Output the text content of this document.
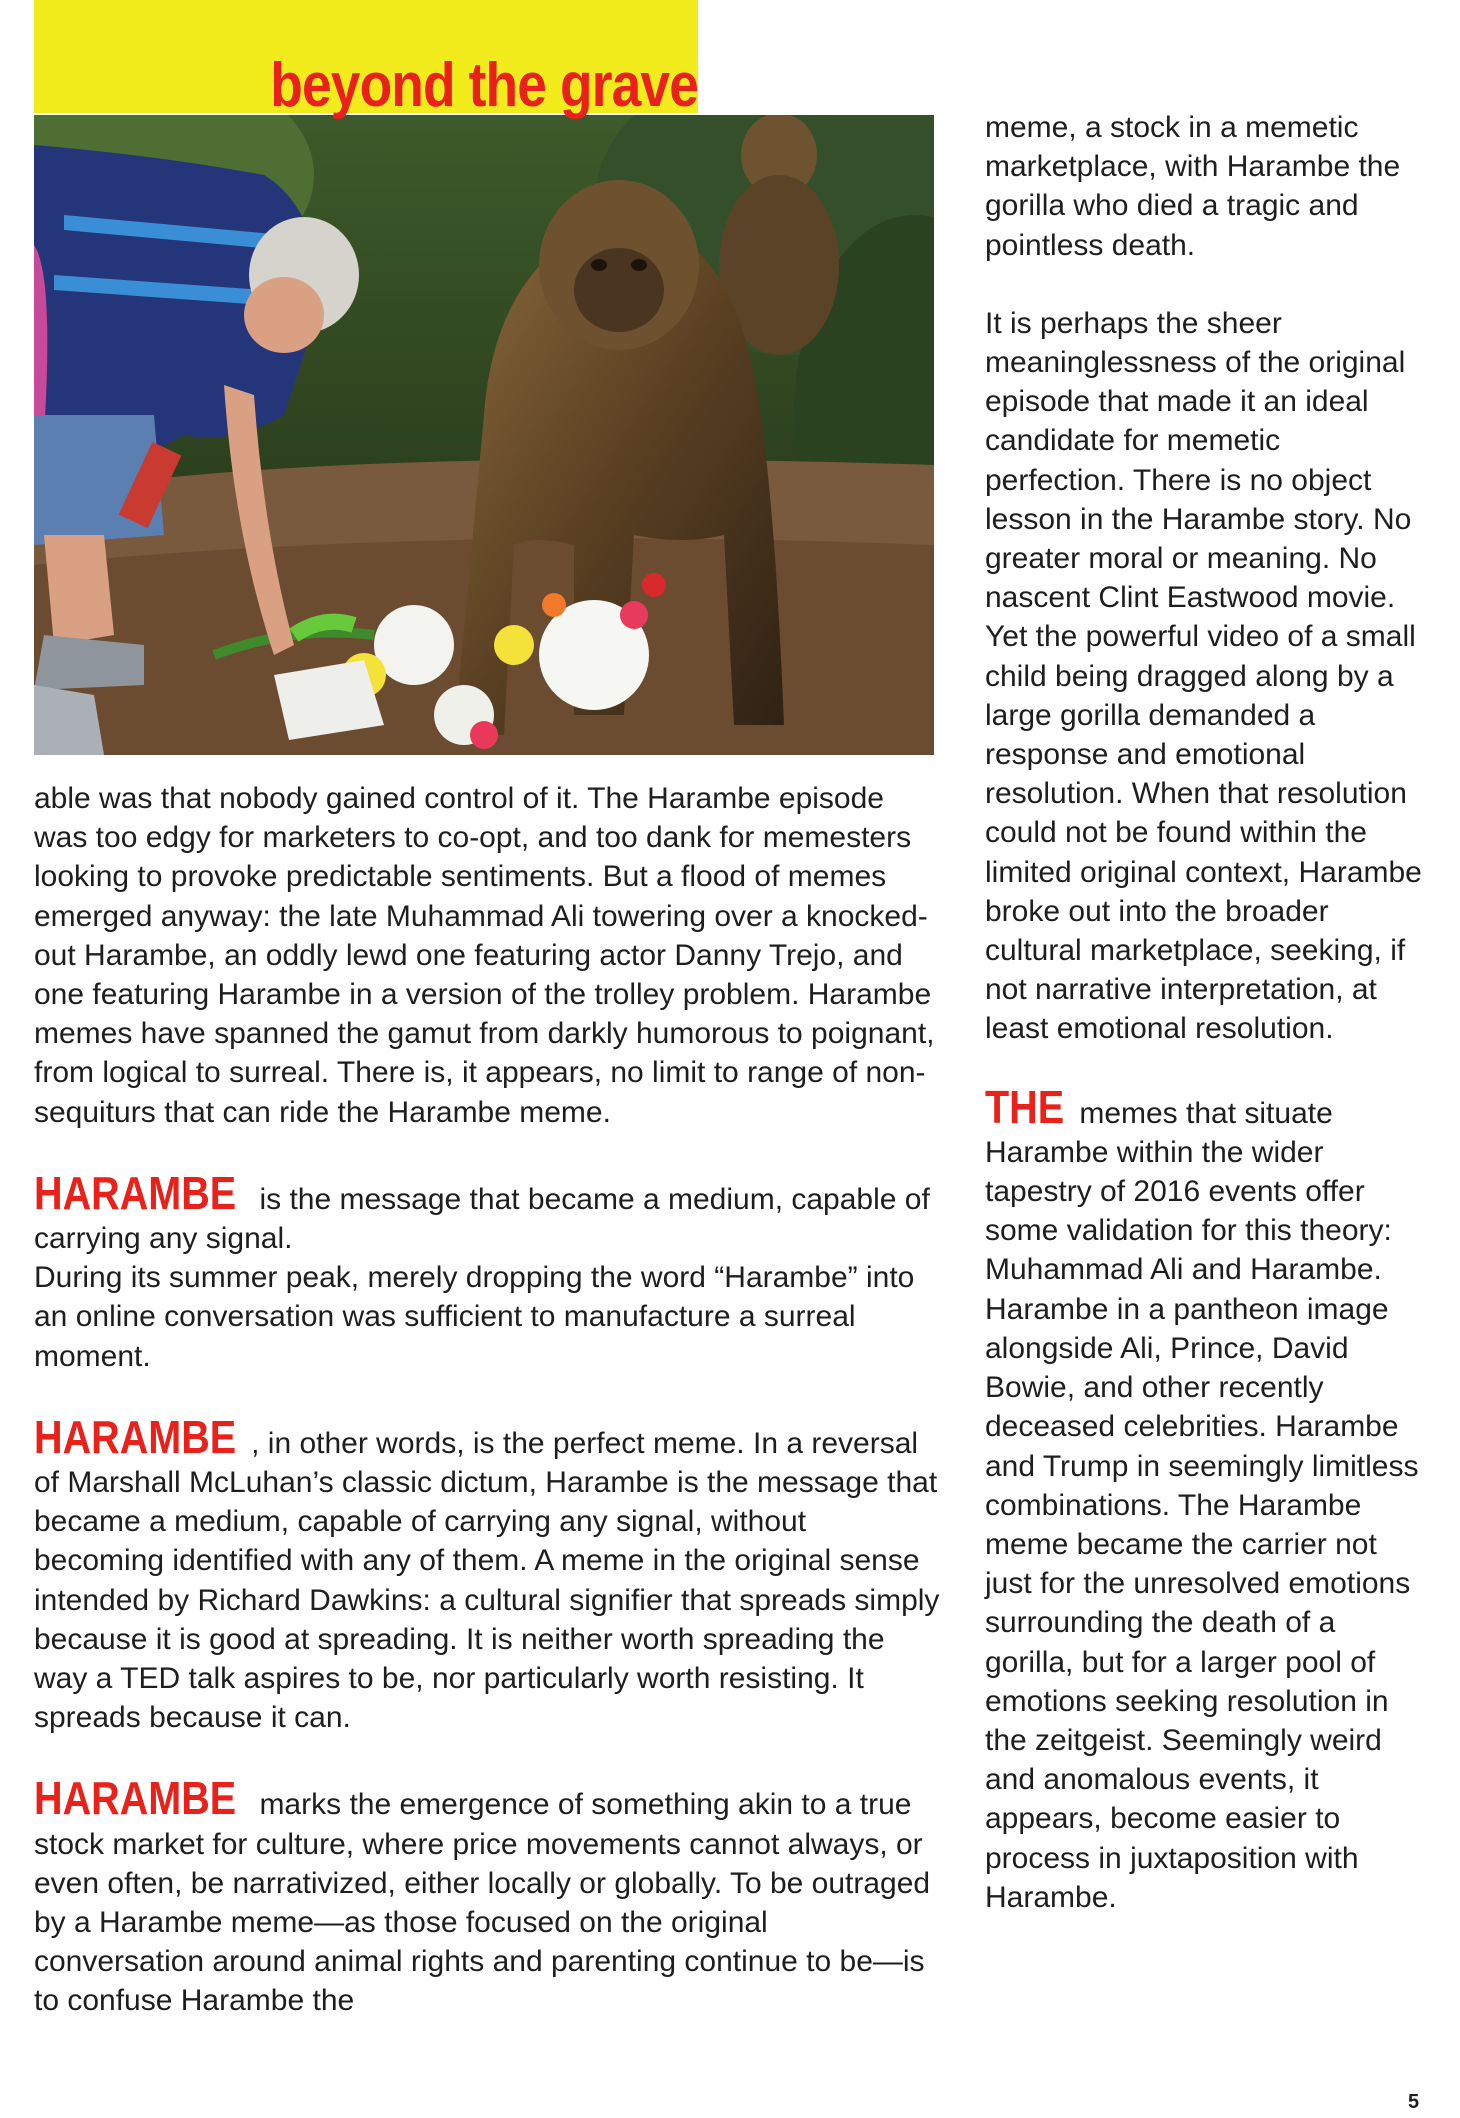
beyond the grave

able was that nobody gained control of it. The Harambe episode was too edgy for marketers to co-opt, and too dank for memesters looking to provoke predictable sentiments. But a flood of memes emerged anyway: the late Muhammad Ali towering over a knocked-out Harambe, an oddly lewd one featuring actor Danny Trejo, and one featuring Harambe in a version of the trolley problem. Harambe memes have spanned the gamut from darkly humorous to poignant, from logical to surreal. There is, it appears, no limit to range of non-sequiturs that can ride the Harambe meme.

HARAMBE is the message that became a medium, capable of carrying any signal.

During its summer peak, merely dropping the word “Harambe” into an online conversation was sufficient to manufacture a surreal moment.

HARAMBE , in other words, is the perfect meme. In a reversal of Marshall McLuhan’s classic dictum, Harambe is the message that became a medium, capable of carrying any signal, without becoming identified with any of them. A meme in the original sense intended by Richard Dawkins: a cultural signifier that spreads simply because it is good at spreading. It is neither worth spreading the way a TED talk aspires to be, nor particularly worth resisting. It spreads because it can.

HARAMBE marks the emergence of something akin to a true stock market for culture, where price movements cannot always, or even often, be narrativized, either locally or globally. To be outraged by a Harambe meme—as those focused on the original conversation around animal rights and parenting continue to be—is to confuse Harambe the

meme, a stock in a memetic marketplace, with Harambe the gorilla who died a tragic and pointless death.

It is perhaps the sheer meaninglessness of the original episode that made it an ideal candidate for memetic perfection. There is no object lesson in the Harambe story. No greater moral or meaning. No nascent Clint Eastwood movie. Yet the powerful video of a small child being dragged along by a large gorilla demanded a response and emotional resolution. When that resolution could not be found within the limited original context, Harambe broke out into the broader cultural marketplace, seeking, if not narrative interpretation, at least emotional resolution.

THE memes that situate Harambe within the wider tapestry of 2016 events offer some validation for this theory: Muhammad Ali and Harambe. Harambe in a pantheon image alongside Ali, Prince, David Bowie, and other recently deceased celebrities. Harambe and Trump in seemingly limitless combinations. The Harambe meme became the carrier not just for the unresolved emotions surrounding the death of a gorilla, but for a larger pool of emotions seeking resolution in the zeitgeist. Seemingly weird and anomalous events, it appears, become easier to process in juxtaposition with Harambe.

5
